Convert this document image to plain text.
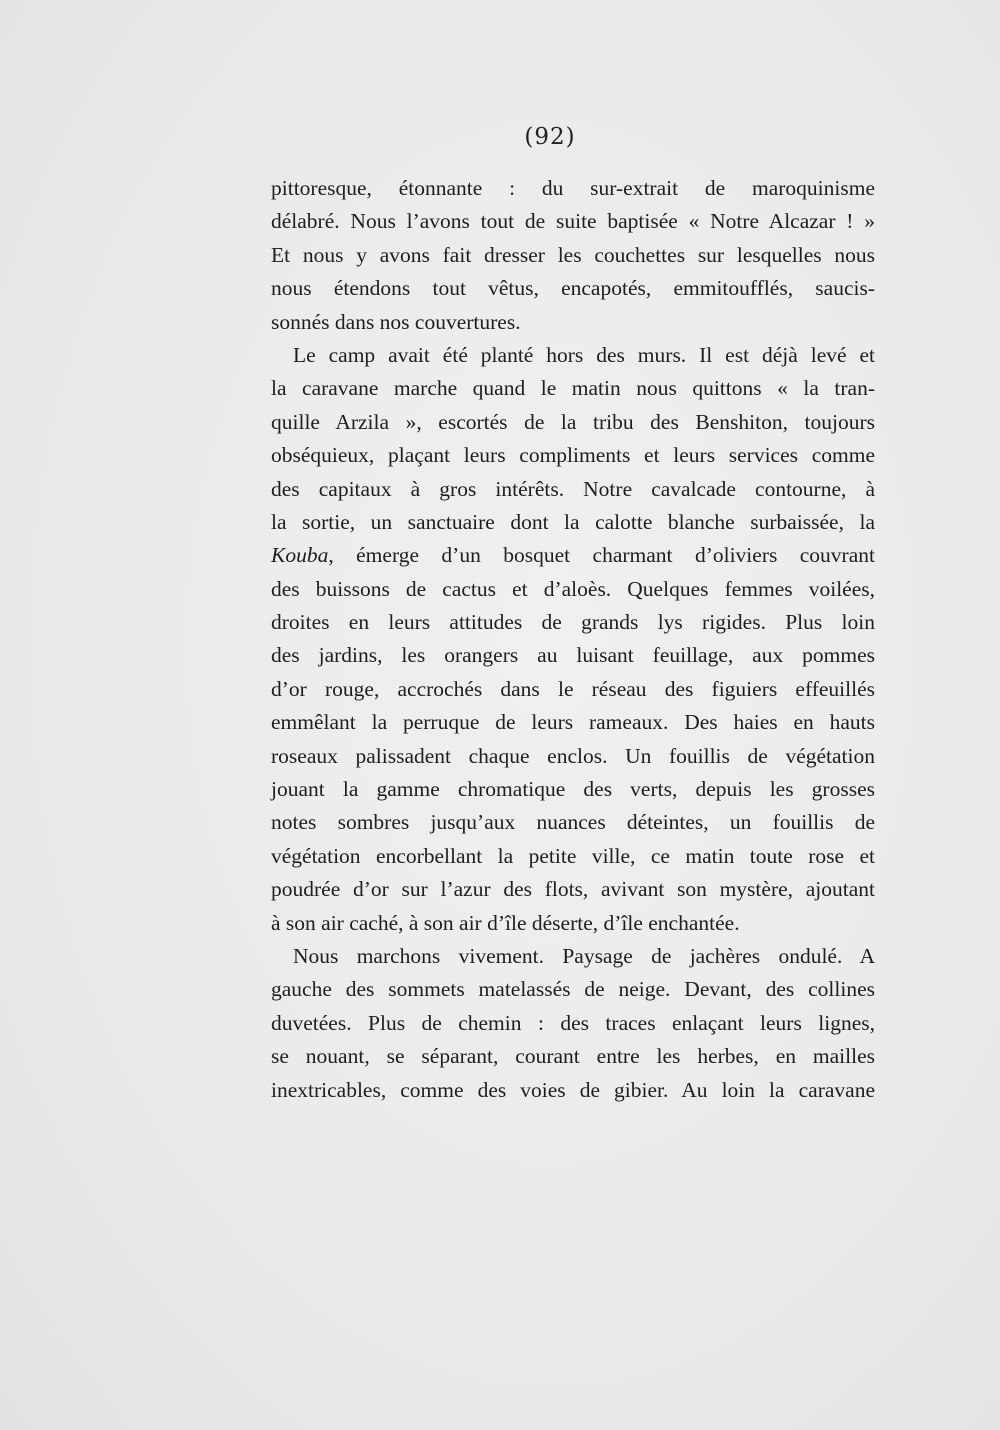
(92)
pittoresque, étonnante : du sur-extrait de maroquinisme
délabré. Nous l’avons tout de suite baptisée « Notre Alcazar ! »
Et nous y avons fait dresser les couchettes sur lesquelles nous
nous étendons tout vêtus, encapotés, emmitoufflés, saucis-
sonnés dans nos couvertures.
Le camp avait été planté hors des murs. Il est déjà levé et
la caravane marche quand le matin nous quittons « la tran-
quille Arzila », escortés de la tribu des Benshiton, toujours
obséquieux, plaçant leurs compliments et leurs services comme
des capitaux à gros intérêts. Notre cavalcade contourne, à
la sortie, un sanctuaire dont la calotte blanche surbaissée, la
Kouba, émerge d’un bosquet charmant d’oliviers couvrant
des buissons de cactus et d’aloès. Quelques femmes voilées,
droites en leurs attitudes de grands lys rigides. Plus loin
des jardins, les orangers au luisant feuillage, aux pommes
d’or rouge, accrochés dans le réseau des figuiers effeuillés
emmêlant la perruque de leurs rameaux. Des haies en hauts
roseaux palissadent chaque enclos. Un fouillis de végétation
jouant la gamme chromatique des verts, depuis les grosses
notes sombres jusqu’aux nuances déteintes, un fouillis de
végétation encorbellant la petite ville, ce matin toute rose et
poudrée d’or sur l’azur des flots, avivant son mystère, ajoutant
à son air caché, à son air d’île déserte, d’île enchantée.
Nous marchons vivement. Paysage de jachères ondulé. A
gauche des sommets matelassés de neige. Devant, des collines
duvetées. Plus de chemin : des traces enlaçant leurs lignes,
se nouant, se séparant, courant entre les herbes, en mailles
inextricables, comme des voies de gibier. Au loin la caravane
